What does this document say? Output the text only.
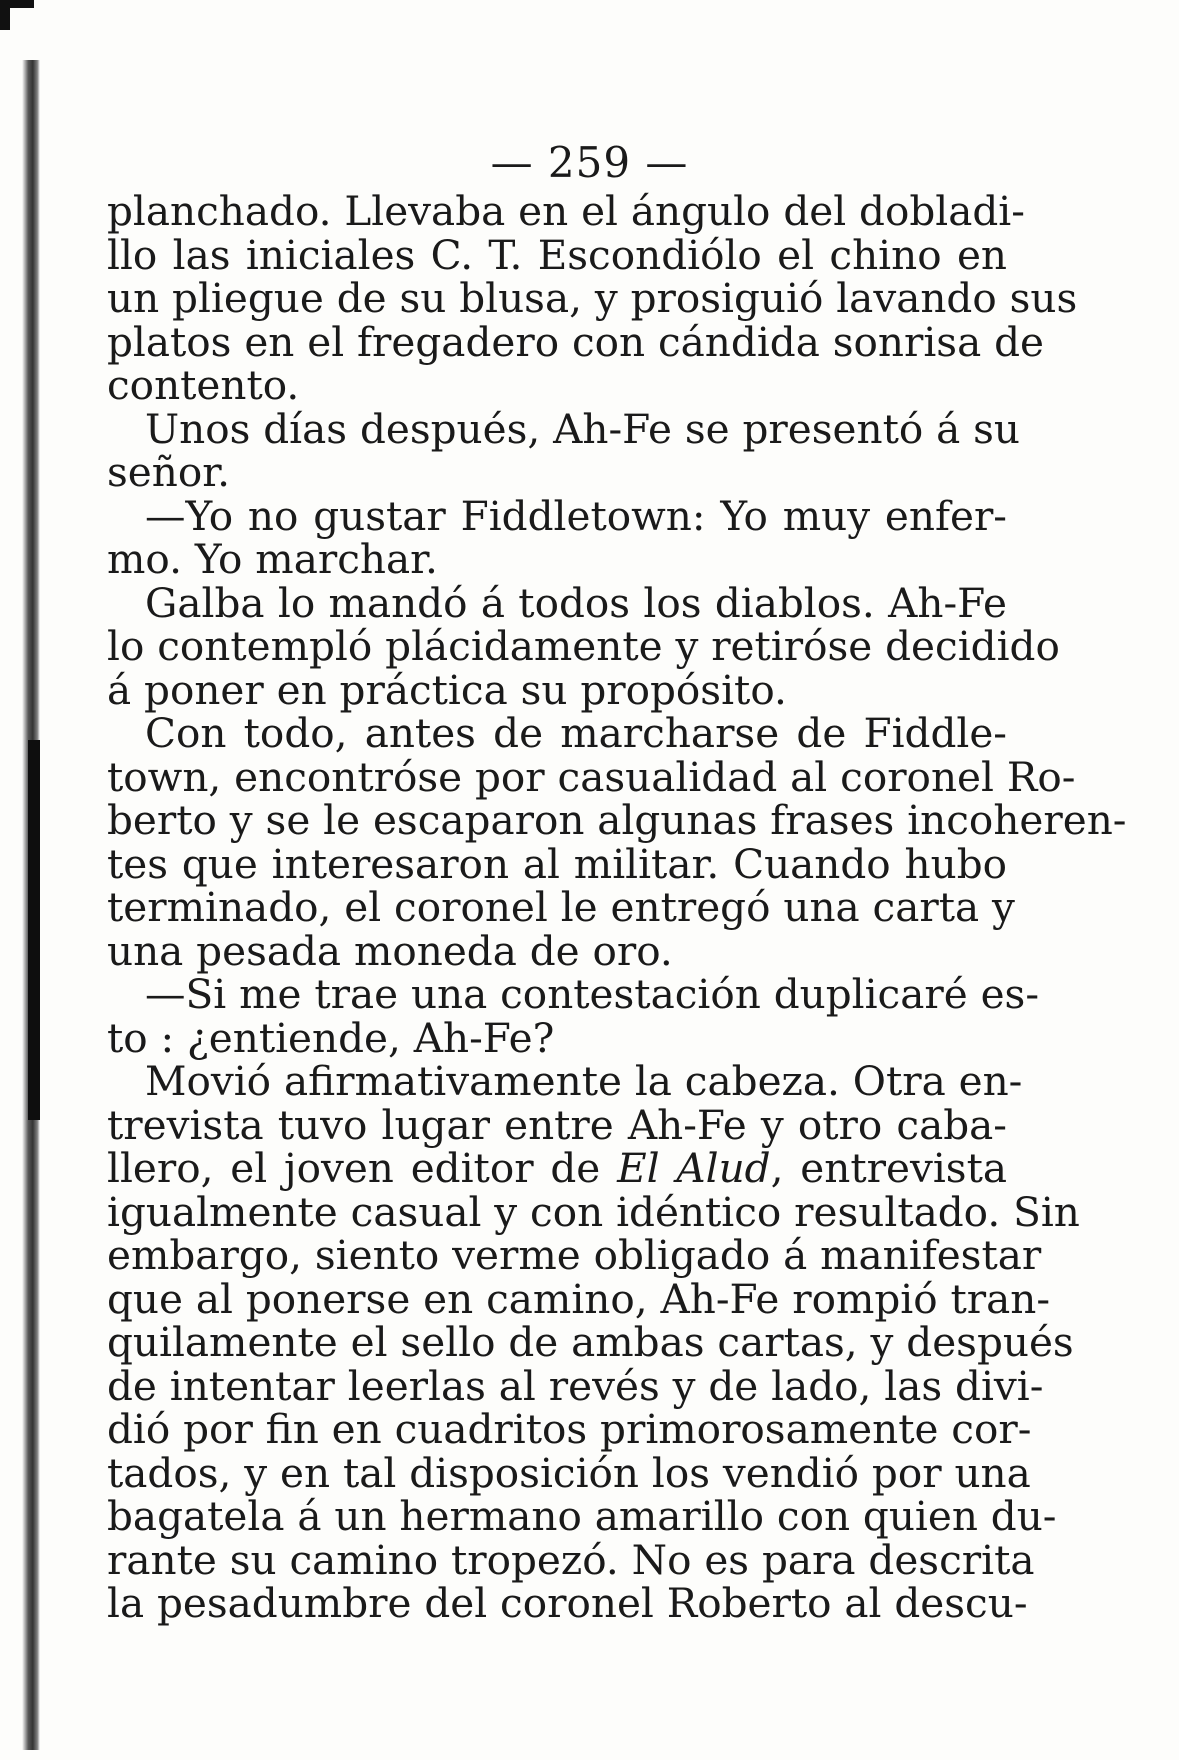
— 259 —
planchado. Llevaba en el ángulo del dobladi-
llo las iniciales C. T. Escondiólo el chino en
un pliegue de su blusa, y prosiguió lavando sus
platos en el fregadero con cándida sonrisa de
contento.
Unos días después, Ah-Fe se presentó á su
señor.
—Yo no gustar Fiddletown: Yo muy enfer-
mo. Yo marchar.
Galba lo mandó á todos los diablos. Ah-Fe
lo contempló plácidamente y retiróse decidido
á poner en práctica su propósito.
Con todo, antes de marcharse de Fiddle-
town, encontróse por casualidad al coronel Ro-
berto y se le escaparon algunas frases incoheren-
tes que interesaron al militar. Cuando hubo
terminado, el coronel le entregó una carta y
una pesada moneda de oro.
—Si me trae una contestación duplicaré es-
to : ¿entiende, Ah-Fe?
Movió afirmativamente la cabeza. Otra en-
trevista tuvo lugar entre Ah-Fe y otro caba-
llero, el joven editor de El Alud, entrevista
igualmente casual y con idéntico resultado. Sin
embargo, siento verme obligado á manifestar
que al ponerse en camino, Ah-Fe rompió tran-
quilamente el sello de ambas cartas, y después
de intentar leerlas al revés y de lado, las divi-
dió por fin en cuadritos primorosamente cor-
tados, y en tal disposición los vendió por una
bagatela á un hermano amarillo con quien du-
rante su camino tropezó. No es para descrita
la pesadumbre del coronel Roberto al descu-
